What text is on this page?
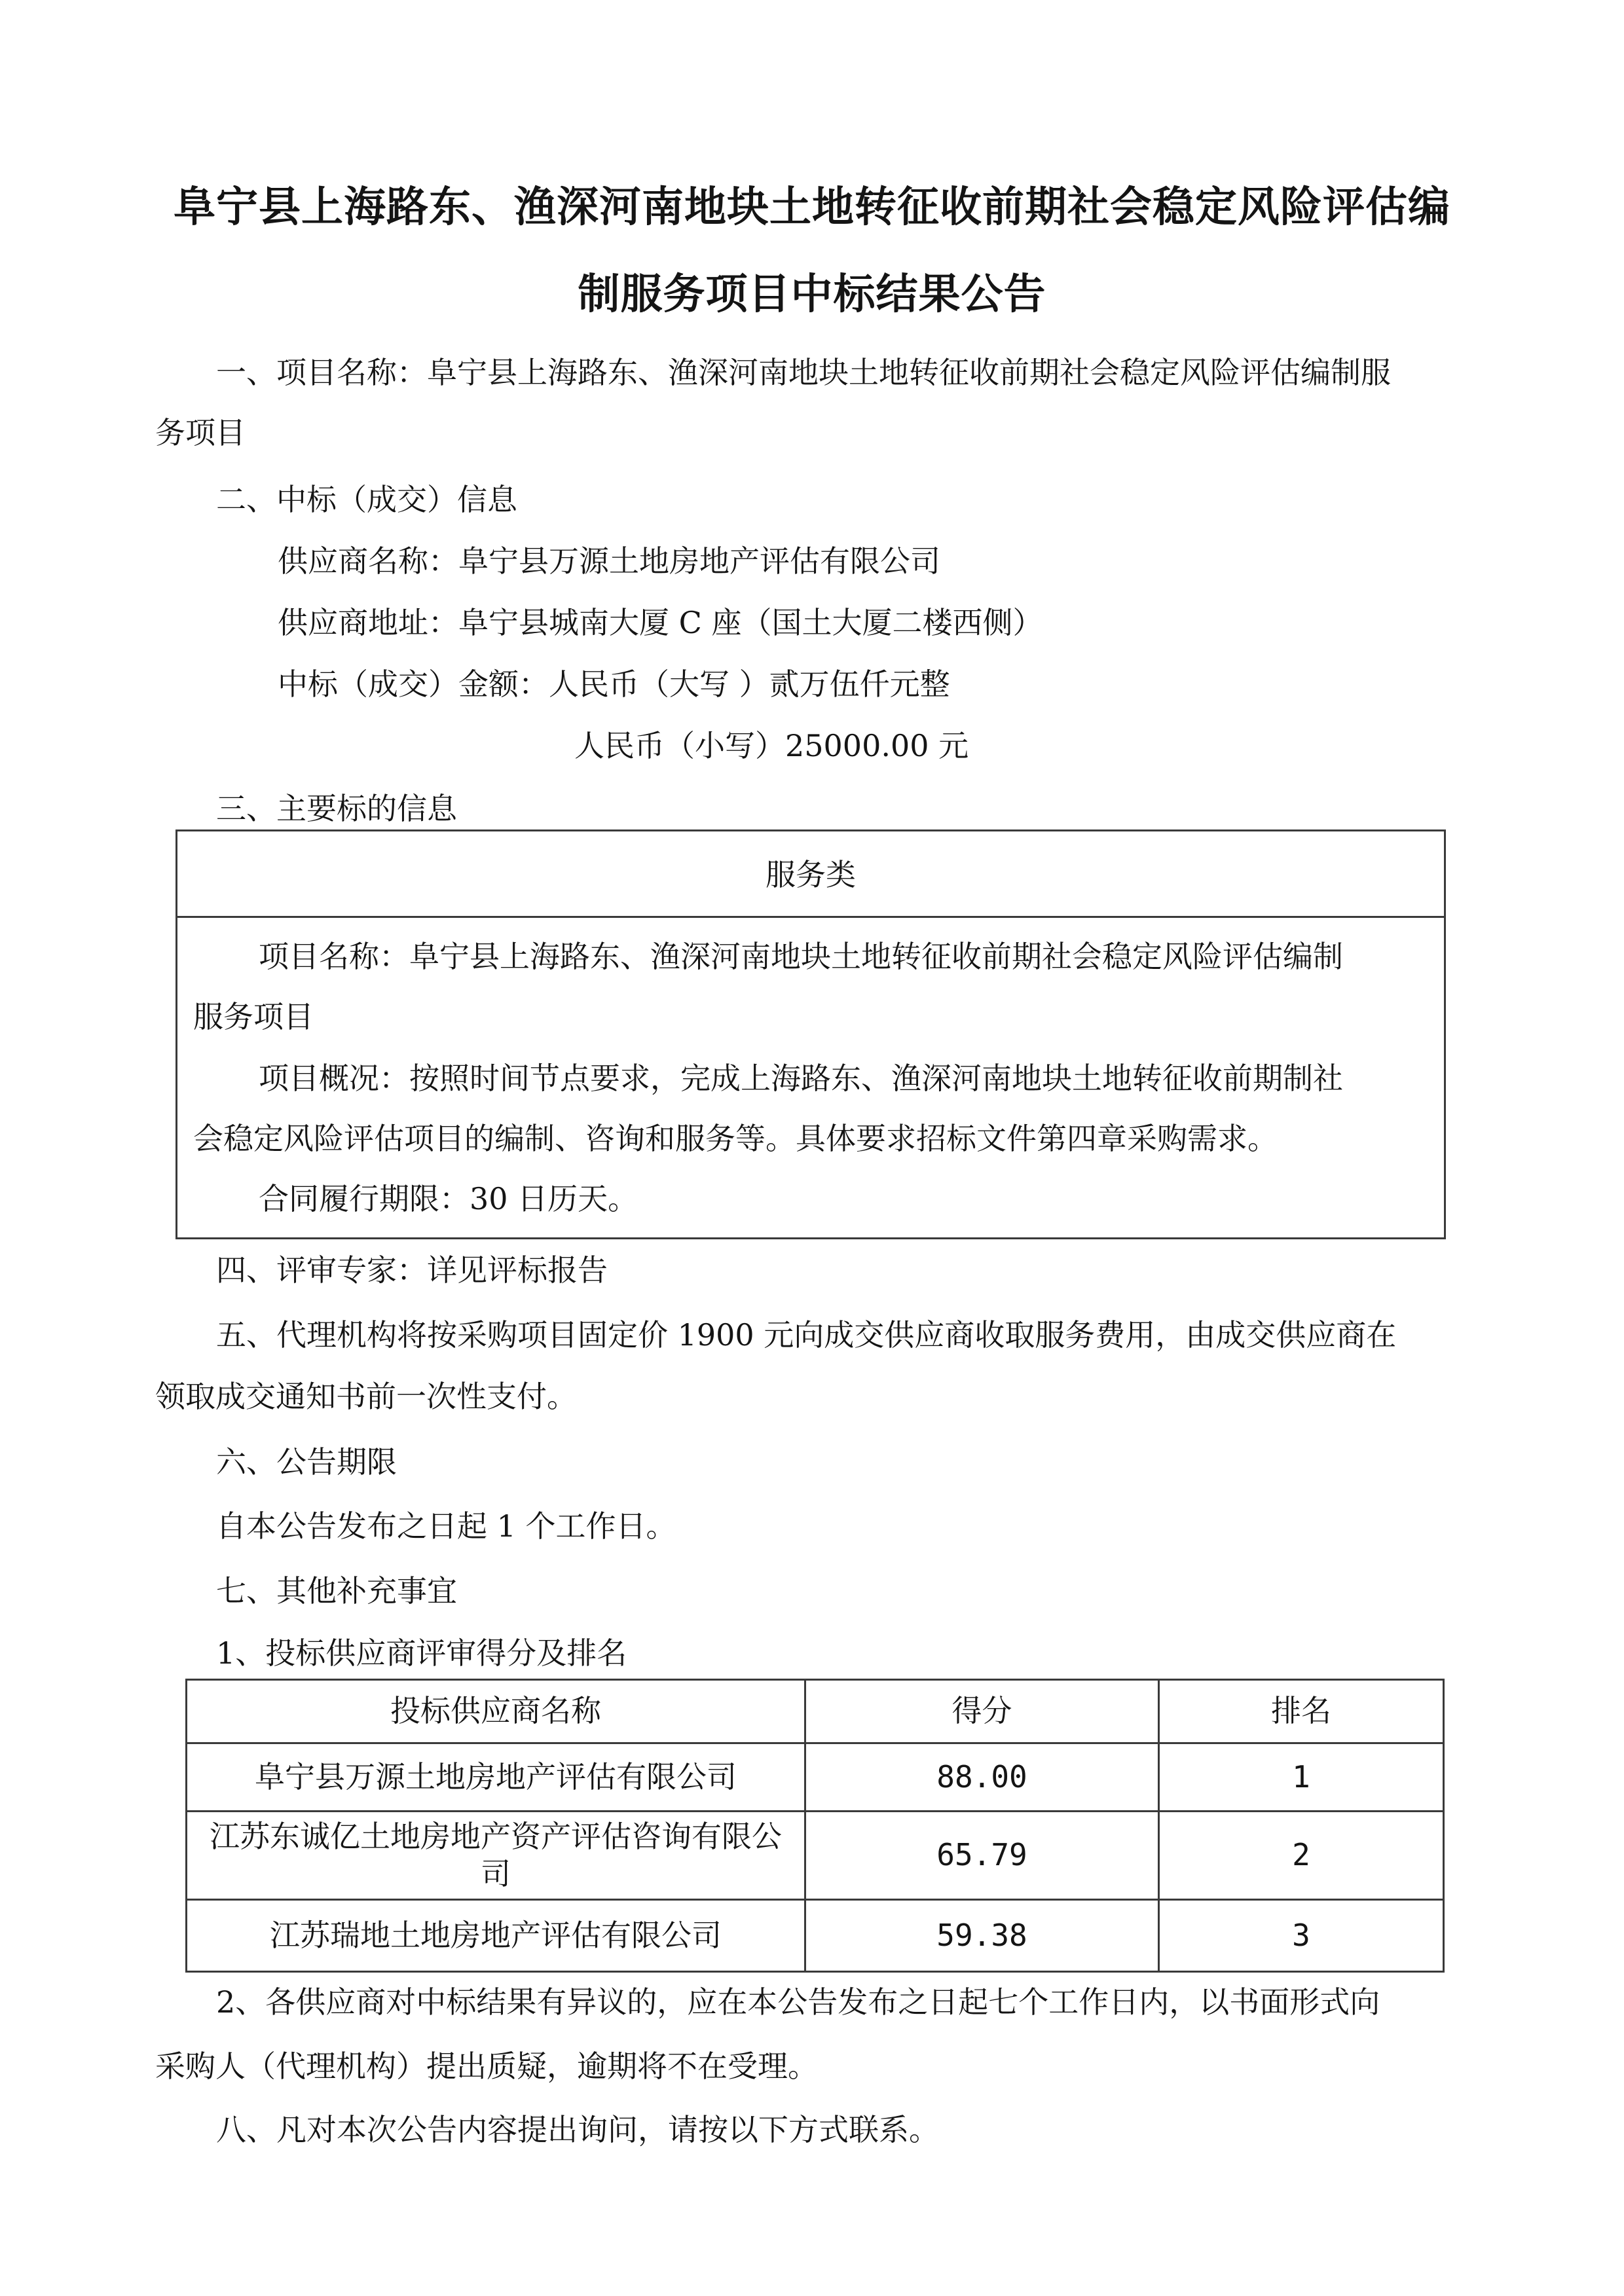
阜宁县上海路东、渔深河南地块土地转征收前期社会稳定风险评估编
制服务项目中标结果公告
一、项目名称：阜宁县上海路东、渔深河南地块土地转征收前期社会稳定风险评估编制服
务项目
二、中标（成交）信息
供应商名称：阜宁县万源土地房地产评估有限公司
供应商地址：阜宁县城南大厦 C 座（国土大厦二楼西侧）
中标（成交）金额：人民币（大写 ）贰万伍仟元整
人民币（小写）25000.00 元
三、主要标的信息
服务类
项目名称：阜宁县上海路东、渔深河南地块土地转征收前期社会稳定风险评估编制
服务项目
项目概况：按照时间节点要求，完成上海路东、渔深河南地块土地转征收前期制社
会稳定风险评估项目的编制、咨询和服务等。具体要求招标文件第四章采购需求。
合同履行期限：30 日历天。
四、评审专家：详见评标报告
五、代理机构将按采购项目固定价 1900 元向成交供应商收取服务费用，由成交供应商在
领取成交通知书前一次性支付。
六、公告期限
自本公告发布之日起 1 个工作日。
七、其他补充事宜
1、投标供应商评审得分及排名
投标供应商名称	得分	排名
阜宁县万源土地房地产评估有限公司	88.00	1
江苏东诚亿土地房地产资产评估咨询有限公司	65.79	2
江苏瑞地土地房地产评估有限公司	59.38	3
2、各供应商对中标结果有异议的，应在本公告发布之日起七个工作日内，以书面形式向
采购人（代理机构）提出质疑，逾期将不在受理。
八、凡对本次公告内容提出询问，请按以下方式联系。
